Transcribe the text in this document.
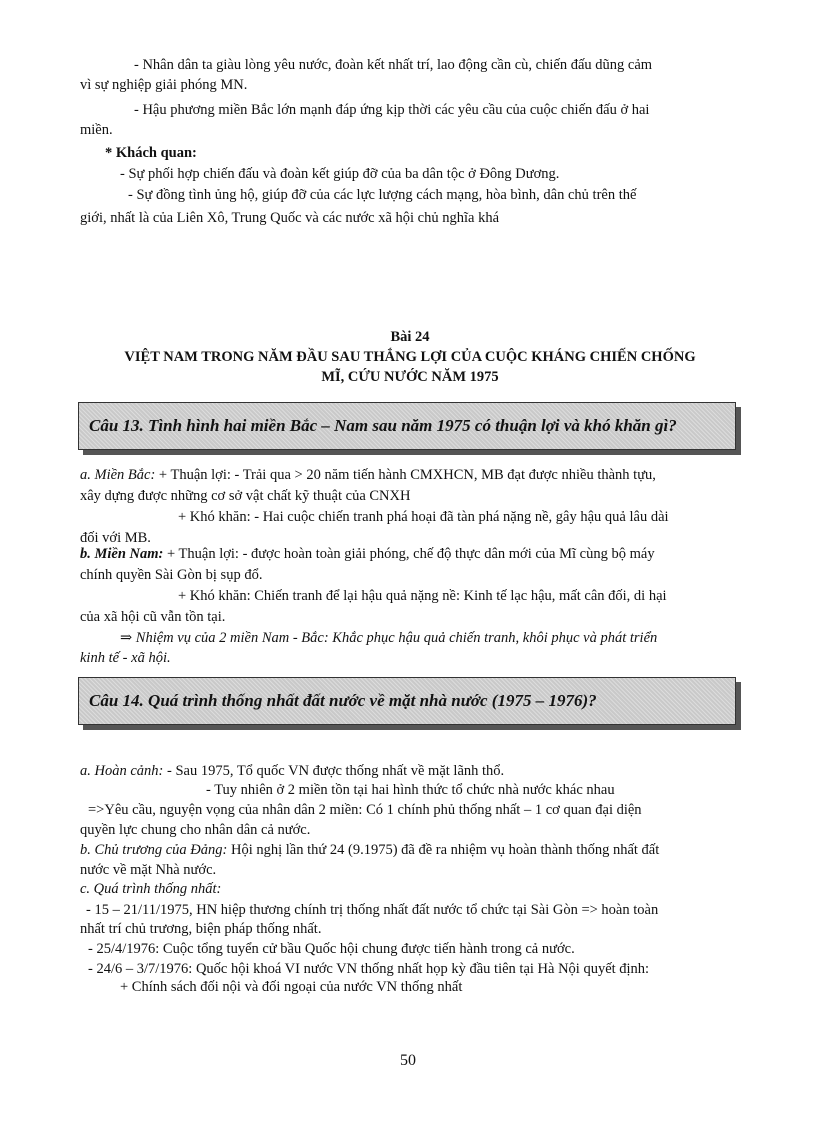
- Nhân dân ta giàu lòng yêu nước, đoàn kết nhất trí, lao động cần cù, chiến đấu dũng cảm
vì sự nghiệp giải phóng MN.
- Hậu phương miền Bắc lớn mạnh đáp ứng kịp thời các yêu cầu của cuộc chiến đấu ở hai
miền.
* Khách quan:
- Sự phối hợp chiến đấu và đoàn kết giúp đỡ của ba dân tộc ở Đông Dương.
- Sự đồng tình ủng hộ, giúp đỡ của các lực lượng cách mạng, hòa bình, dân chủ trên thế
giới, nhất là của Liên Xô, Trung Quốc và các nước xã hội chủ nghĩa khá
Bài 24
VIỆT NAM TRONG NĂM ĐẦU SAU THẮNG LỢI CỦA CUỘC KHÁNG CHIẾN CHỐNG
MĨ, CỨU NƯỚC NĂM 1975
Câu 13. Tình hình hai miền Bắc – Nam sau năm 1975 có thuận lợi và khó khăn gì?
a. Miền Bắc: + Thuận lợi: - Trải qua > 20 năm tiến hành CMXHCN, MB đạt được nhiều thành tựu,
xây dựng được những cơ sở vật chất kỹ thuật của CNXH
+ Khó khăn: - Hai cuộc chiến tranh phá hoại đã tàn phá nặng nề, gây hậu quả lâu dài
đối với MB.
b. Miền Nam: + Thuận lợi: - được hoàn toàn giải phóng, chế độ thực dân mới của Mĩ cùng bộ máy
chính quyền Sài Gòn bị sụp đổ.
+ Khó khăn: Chiến tranh để lại hậu quả nặng nề: Kinh tế lạc hậu, mất cân đối, di hại
của xã hội cũ vẫn tồn tại.
⇒ Nhiệm vụ của 2 miền Nam - Bắc: Khắc phục hậu quả chiến tranh, khôi phục và phát triển
kinh tế - xã hội.
Câu 14. Quá trình thống nhất đất nước về mặt nhà nước (1975 – 1976)?
a. Hoàn cảnh: - Sau 1975, Tổ quốc VN được thống nhất về mặt lãnh thổ.
- Tuy nhiên ở 2 miền tồn tại hai hình thức tổ chức nhà nước khác nhau
=>Yêu cầu, nguyện vọng của nhân dân 2 miền: Có 1 chính phủ thống nhất – 1 cơ quan đại diện
quyền lực chung cho nhân dân cả nước.
b. Chủ trương của Đảng: Hội nghị lần thứ 24 (9.1975) đã đề ra nhiệm vụ hoàn thành thống nhất đất
nước về mặt Nhà nước.
c. Quá trình thống nhất:
- 15 – 21/11/1975, HN hiệp thương chính trị thống nhất đất nước tổ chức tại Sài Gòn => hoàn toàn
nhất trí chủ trương, biện pháp thống nhất.
- 25/4/1976: Cuộc tổng tuyển cử bầu Quốc hội chung được tiến hành trong cả nước.
- 24/6 – 3/7/1976: Quốc hội khoá VI nước VN thống nhất họp kỳ đầu tiên tại Hà Nội quyết định:
+ Chính sách đối nội và đối ngoại của nước VN thống nhất
50
